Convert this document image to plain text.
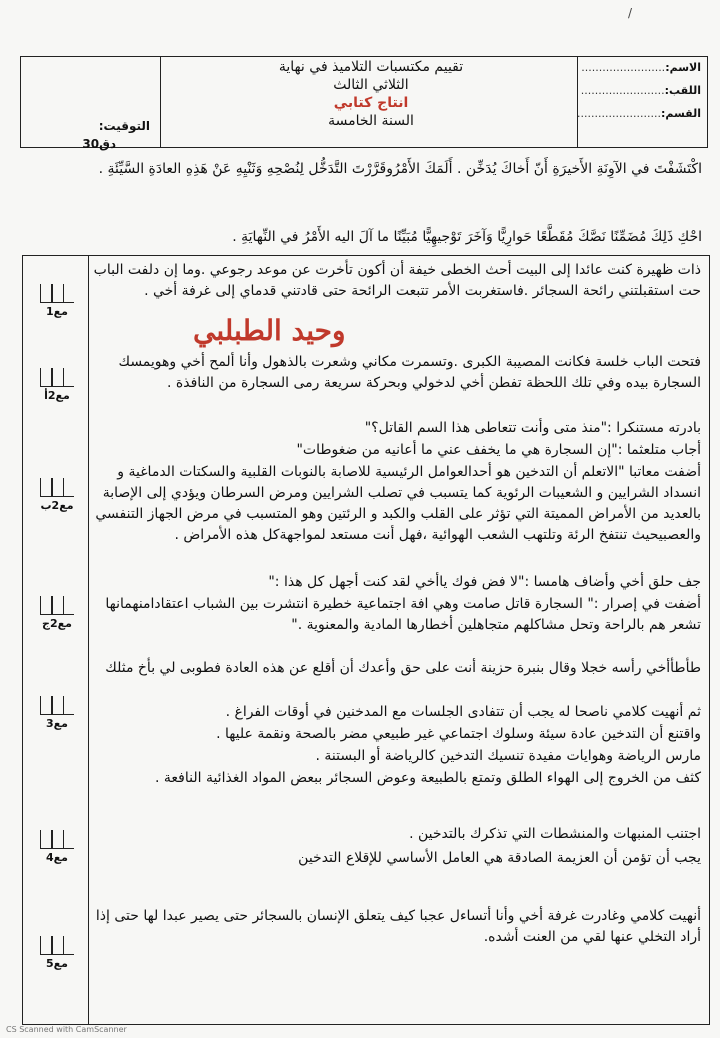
/
التوقيت:
30دق
تقييم مكتسبات التلاميذ في نهاية
الثلاثي الثالث
انتاج كتابي
السنة الخامسة
الاسم:........................
اللقب:........................
القسم:........................
اكْتَشَفْتَ في الآوِنَةِ الأَخيرَةِ أَنّ أَخاكَ يُدَخِّن . أَلَمَكَ الأَمْرُوقَرَّرْتَ التَّدَخُّل لِنُصْحِهِ وَثَنْيِهِ عَنْ هَذِهِ العادَةِ السَّيِّئَةِ .
احْكِ ذَلِكَ مُضَمِّنًا نَصَّكَ مُقَطَّعًا حَوارِيًّا وَآخَرَ تَوْجيهِيًّا مُبَيِّنًا ما آلَ اليه الأَمْرُ في النِّهايَةِ .
مع1
مع2أ
مع2ب
مع2ج
مع3
مع4
مع5
ذات ظهيرة كنت عائدا إلى البيت أحث الخطى خيفة أن أكون تأخرت عن موعد رجوعي .وما إن دلفت الباب حت استقبلتني رائحة السجائر .فاستغربت الأمر تتبعت الرائحة حتى قادتني قدماي إلى غرفة أخي .
وحيد الطبلبي
فتحت الباب خلسة فكانت المصيبة الكبرى .وتسمرت مكاني وشعرت بالذهول وأنا ألمح أخي وهويمسك السجارة بيده وفي تلك اللحظة تفطن أخي لدخولي وبحركة سريعة رمى السجارة من النافذة .
بادرته مستنكرا :"منذ متى وأنت تتعاطى هذا السم القاتل؟"
أجاب متلعثما :"إن السجارة هي ما يخفف عني ما أعانيه من ضغوطات"
أضفت معاتبا "الاتعلم أن التدخين هو أحدالعوامل الرئيسية للاصابة بالنوبات القلبية والسكتات الدماغية و انسداد الشرايين و الشعيبات الرئوية كما يتسبب في تصلب الشرايين ومرض السرطان ويؤدي إلى الإصابة بالعديد من الأمراض المميتة التي تؤثر على القلب والكبد و الرئتين وهو المتسبب في مرض الجهاز التنفسي والعصبيحيث تنتفخ الرئة وتلتهب الشعب الهوائية ،فهل أنت مستعد لمواجهةكل هذه الأمراض .
جف حلق أخي وأضاف هامسا :"لا فض فوك ياأخي لقد كنت أجهل كل هذا :"
أضفت في إصرار :" السجارة قاتل صامت وهي افة اجتماعية خطيرة انتشرت بين الشباب اعتقادامنهمانها تشعر هم بالراحة وتحل مشاكلهم متجاهلين أخطارها المادية والمعنوية ."
طأطأأخي رأسه خجلا وقال بنبرة حزينة أنت على حق وأعدك أن أقلع عن هذه العادة فطوبى لي بأخ مثلك
ثم أنهيت كلامي ناصحا له يجب أن تتفادى الجلسات مع المدخنين في أوقات الفراغ .
واقتنع أن التدخين عادة سيئة وسلوك اجتماعي غير طبيعي مضر بالصحة ونقمة عليها .
مارس الرياضة وهوايات مفيدة تنسيك التدخين كالرياضة أو البستنة .
كثف من الخروج إلى الهواء الطلق وتمتع بالطبيعة وعوض السجائر ببعض المواد الغذائية النافعة .
اجتنب المنبهات والمنشطات التي تذكرك بالتدخين .
يجب أن تؤمن أن العزيمة الصادقة هي العامل الأساسي للإقلاع التدخين
أنهيت كلامي وغادرت غرفة أخي وأنا أتساءل عجبا كيف يتعلق الإنسان بالسجائر حتى يصير عبدا لها حتى إذا أراد التخلي عنها لقي من العنت أشده.
CS Scanned with CamScanner
